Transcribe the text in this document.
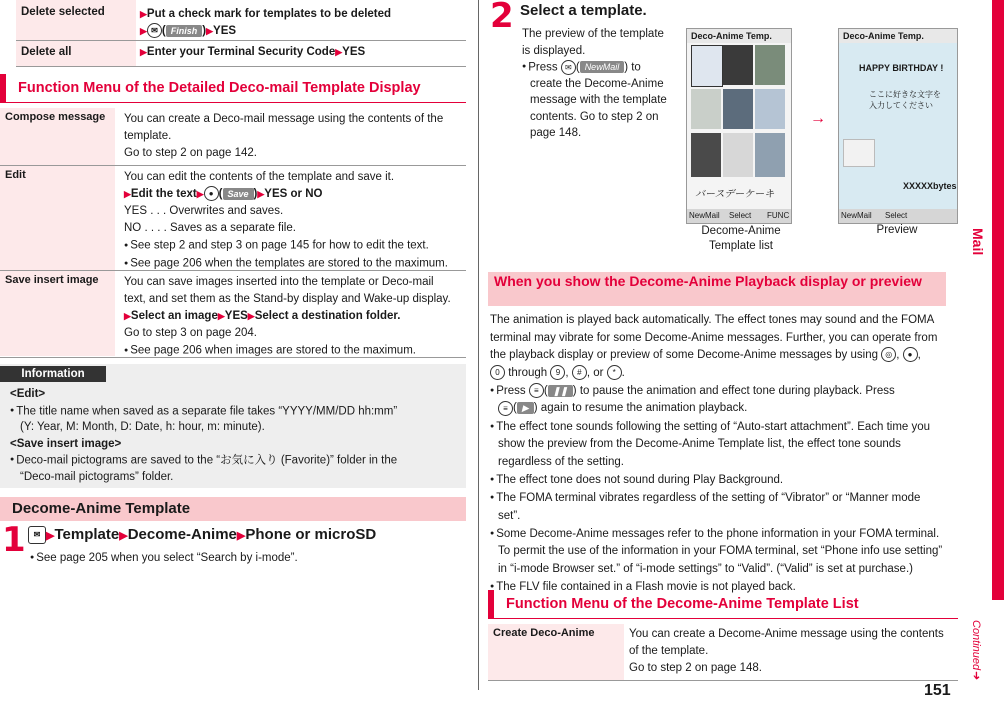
Delete selected	▶Put a check mark for templates to be deleted
▶ ✉ ( Finish )▶YES
Delete all	▶Enter your Terminal Security Code▶YES
Function Menu of the Detailed Deco-mail Template Display
Compose message	You can create a Deco-mail message using the contents of the
template.
Go to step 2 on page 142.
Edit	You can edit the contents of the template and save it.
▶Edit the text▶ ● ( Save )▶YES or NO
YES . . . Overwrites and saves.
NO . . . . Saves as a separate file.
● See step 2 and step 3 on page 145 for how to edit the text.
● See page 206 when the templates are stored to the maximum.
Save insert image	You can save images inserted into the template or Deco-mail
text, and set them as the Stand-by display and Wake-up display.
▶Select an image▶YES▶Select a destination folder.
Go to step 3 on page 204.
● See page 206 when images are stored to the maximum.
Information
<Edit>
● The title name when saved as a separate file takes “YYYY/MM/DD hh:mm”
(Y: Year, M: Month, D: Date, h: hour, m: minute).
<Save insert image>
● Deco-mail pictograms are saved to the “お気に入り (Favorite)” folder in the
“Deco-mail pictograms” folder.
Decome-Anime Template
1 ✉ ▶Template▶Decome-Anime▶Phone or microSD
● See page 205 when you select “Search by i-mode”.
2 Select a template.
The preview of the template
is displayed.
● Press ✉ ( NewMail ) to
create the Decome-Anime
message with the template
contents. Go to step 2 on
page 148.
Deco-Anime Temp.
バースデーケーキ
NewMail Select FUNC
Decome-Anime
Template list
→
Deco-Anime Temp.
HAPPY BIRTHDAY !
ここに好きな文字を
入力してください
XXXXXbytes
NewMail Select
Preview
When you show the Decome-Anime Playback display or preview
The animation is played back automatically. The effect tones may sound and the FOMA
terminal may vibrate for some Decome-Anime messages. Further, you can operate from
the playback display or preview of some Decome-Anime messages by using ◎ , ● ,
0 through 9 , # , or * .
● Press ≡ ( ❚❚ ) to pause the animation and effect tone during playback. Press
≡ ( ▶ ) again to resume the animation playback.
● The effect tone sounds following the setting of “Auto-start attachment”. Each time you
show the preview from the Decome-Anime Template list, the effect tone sounds
regardless of the setting.
● The effect tone does not sound during Play Background.
● The FOMA terminal vibrates regardless of the setting of “Vibrator” or “Manner mode
set”.
● Some Decome-Anime messages refer to the phone information in your FOMA terminal.
To permit the use of the information in your FOMA terminal, set “Phone info use setting”
in “i-mode Browser set.” of “i-mode settings” to “Valid”. (“Valid” is set at purchase.)
● The FLV file contained in a Flash movie is not played back.
Function Menu of the Decome-Anime Template List
Create Deco-Anime	You can create a Decome-Anime message using the contents
of the template.
Go to step 2 on page 148.
Mail
Continued➜
151
